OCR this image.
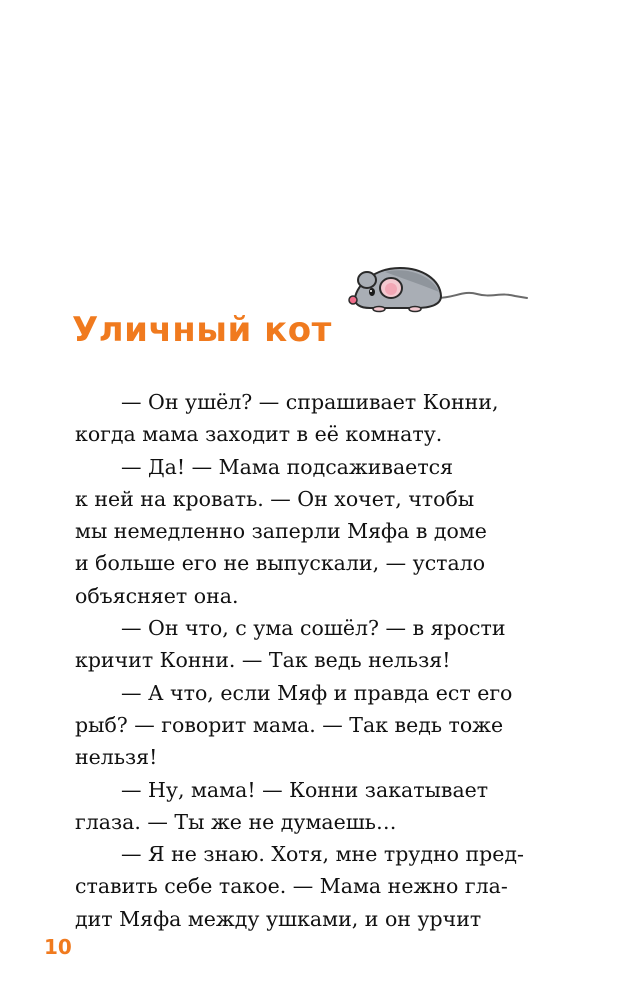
Уличный кот
— Он ушёл? — спрашивает Конни,
когда мама заходит в её комнату.
— Да! — Мама подсаживается
к ней на кровать. — Он хочет, чтобы
мы немедленно заперли Мяфа в доме
и больше его не выпускали, — устало
объясняет она.
— Он что, с ума сошёл? — в ярости
кричит Конни. — Так ведь нельзя!
— А что, если Мяф и правда ест его
рыб? — говорит мама. — Так ведь тоже
нельзя!
— Ну, мама! — Конни закатывает
глаза. — Ты же не думаешь…
— Я не знаю. Хотя, мне трудно пред-
ставить себе такое. — Мама нежно гла-
дит Мяфа между ушками, и он урчит
10
